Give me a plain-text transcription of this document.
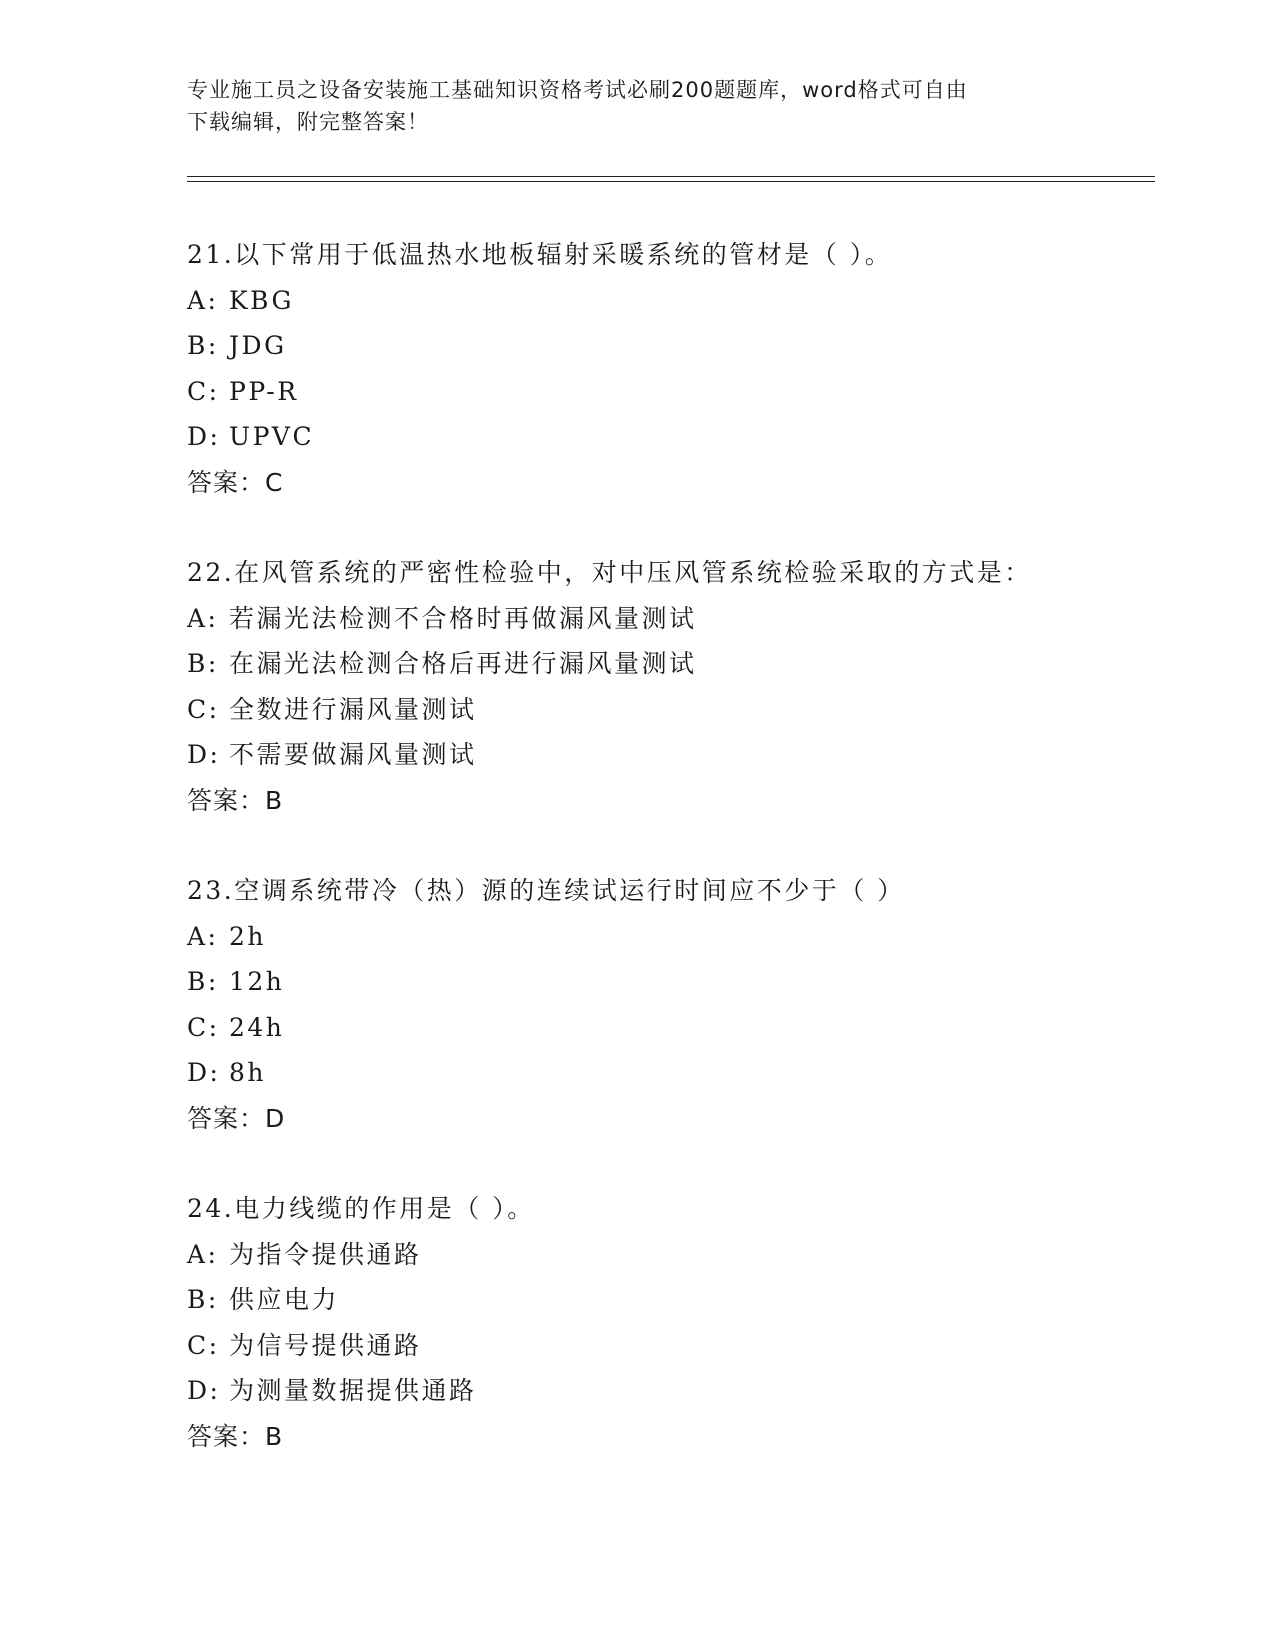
专业施工员之设备安装施工基础知识资格考试必刷200题题库，word格式可自由
下载编辑，附完整答案！
21.以下常用于低温热水地板辐射采暖系统的管材是（ ）。
A: KBG
B: JDG
C: PP-R
D: UPVC
答案：C
22.在风管系统的严密性检验中，对中压风管系统检验采取的方式是：
A: 若漏光法检测不合格时再做漏风量测试
B: 在漏光法检测合格后再进行漏风量测试
C: 全数进行漏风量测试
D: 不需要做漏风量测试
答案：B
23.空调系统带冷（热）源的连续试运行时间应不少于（ ）
A: 2h
B: 12h
C: 24h
D: 8h
答案：D
24.电力线缆的作用是（ ）。
A: 为指令提供通路
B: 供应电力
C: 为信号提供通路
D: 为测量数据提供通路
答案：B
